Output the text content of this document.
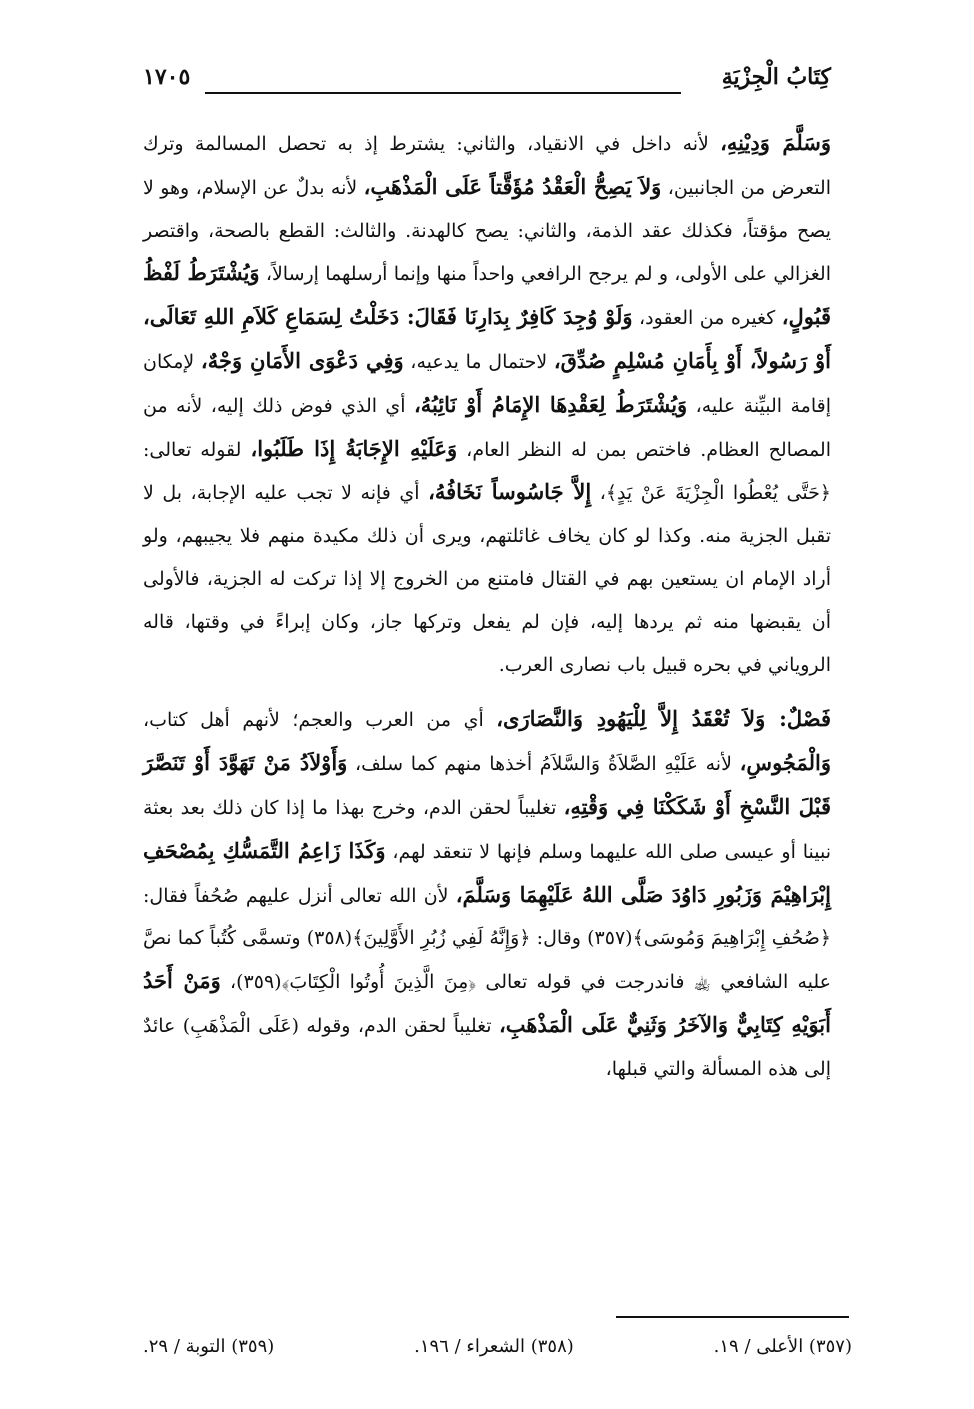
كِتَابُ الْجِزْيَةِ
١٧٠٥

وَسَلَّمَ وَدِيْنِهِ، لأنه داخل في الانقياد، والثاني: يشترط إذ به تحصل المسالمة وترك التعرض من الجانبين، وَلاَ يَصِحُّ الْعَقْدُ مُؤَقَّتاً عَلَى الْمَذْهَبِ، لأنه بدلٌ عن الإسلام، وهو لا يصح مؤقتاً، فكذلك عقد الذمة، والثاني: يصح كالهدنة. والثالث: القطع بالصحة، واقتصر الغزالي على الأولى، و لم يرجح الرافعي واحداً منها وإنما أرسلهما إرسالاً، وَيُشْتَرَطُ لَفْظُ قَبُولٍ، كغيره من العقود، وَلَوْ وُجِدَ كَافِرٌ بِدَارِنَا فَقَالَ: دَخَلْتُ لِسَمَاعِ كَلاَمِ اللهِ تَعَالَى، أَوْ رَسُولاً، أَوْ بِأَمَانِ مُسْلِمٍ صُدِّقَ، لاحتمال ما يدعيه، وَفِي دَعْوَى الأَمَانِ وَجْهٌ، لإمكان إقامة البيِّنة عليه، وَيُشْتَرَطُ لِعَقْدِهَا الإِمَامُ أَوْ نَائِبُهُ، أي الذي فوض ذلك إليه، لأنه من المصالح العظام. فاختص بمن له النظر العام، وَعَلَيْهِ الإِجَابَةُ إِذَا طَلَبُوا، لقوله تعالى: ﴿حَتَّى يُعْطُوا الْجِزْيَةَ عَنْ يَدٍ﴾، إِلاَّ جَاسُوساً نَخَافُهُ، أي فإنه لا تجب عليه الإجابة، بل لا تقبل الجزية منه. وكذا لو كان يخاف غائلتهم، ويرى أن ذلك مكيدة منهم فلا يجيبهم، ولو أراد الإمام ان يستعين بهم في القتال فامتنع من الخروج إلا إذا تركت له الجزية، فالأولى أن يقبضها منه ثم يردها إليه، فإن لم يفعل وتركها جاز، وكان إبراءً في وقتها، قاله الروياني في بحره قبيل باب نصارى العرب.

فَصْلٌ: وَلاَ تُعْقَدُ إِلاَّ لِلْيَهُودِ وَالنَّصَارَى، أي من العرب والعجم؛ لأنهم أهل كتاب، وَالْمَجُوسِ، لأنه عَلَيْهِ الصَّلاَةُ وَالسَّلاَمُ أخذها منهم كما سلف، وَأَوْلاَدُ مَنْ تَهَوَّدَ أَوْ تَنَصَّرَ قَبْلَ النَّسْخِ أَوْ شَكَكْنَا فِي وَقْتِهِ، تغليباً لحقن الدم، وخرج بهذا ما إذا كان ذلك بعد بعثة نبينا أو عيسى صلى الله عليهما وسلم فإنها لا تنعقد لهم، وَكَذَا زَاعِمُ التَّمَسُّكِ بِمُصْحَفِ إِبْرَاهِيْمَ وَزَبُورِ دَاوُدَ صَلَّى اللهُ عَلَيْهِمَا وَسَلَّمَ، لأن الله تعالى أنزل عليهم صُحُفاً فقال: ﴿صُحُفِ إِبْرَاهِيمَ وَمُوسَى﴾(٣٥٧) وقال: ﴿وَإِنَّهُ لَفِي زُبُرِ الأَوَّلِينَ﴾(٣٥٨) وتسمَّى كُتُباً كما نصَّ عليه الشافعي ﵀ فاندرجت في قوله تعالى ﴿مِنَ الَّذِينَ أُوتُوا الْكِتَابَ﴾(٣٥٩)، وَمَنْ أَحَدُ أَبَوَيْهِ كِتَابِيٌّ وَالآخَرُ وَثَنِيٌّ عَلَى الْمَذْهَبِ، تغليباً لحقن الدم، وقوله (عَلَى الْمَذْهَبِ) عائدٌ إلى هذه المسألة والتي قبلها،

(٣٥٧) الأعلى / ١٩.
(٣٥٨) الشعراء / ١٩٦.
(٣٥٩) التوبة / ٢٩.
